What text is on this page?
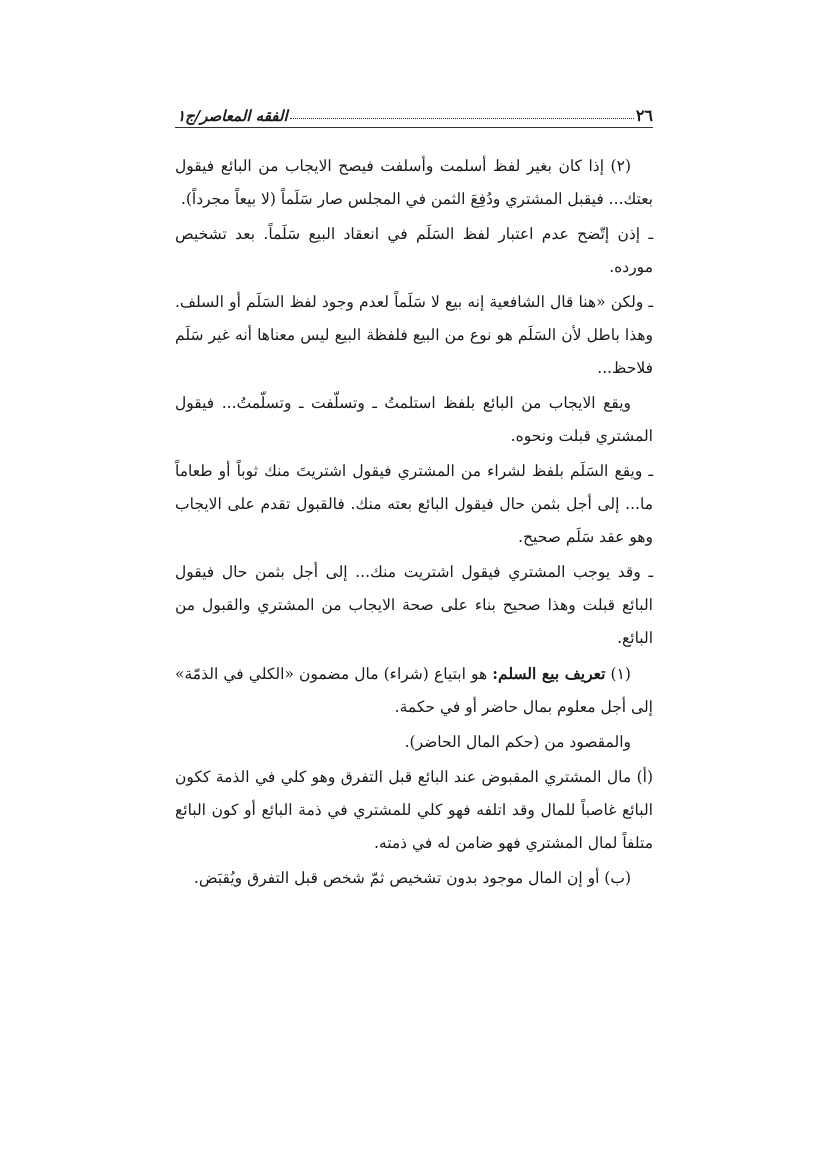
٢٦
الفقه المعاصر/ج١

(٢) إذا كان بغير لفظ أسلمت وأسلفت فيصح الايجاب من البائع فيقول بعتك... فيقبل المشتري ودُفِعَ الثمن في المجلس صار سَلَماً (لا بيعاً مجرداً).

ـ إذن إتّضح عدم اعتبار لفظ السَلَم في انعقاد البيع سَلَماً. بعد تشخيص مورده.

ـ ولكن «هنا قال الشافعية إنه بيع لا سَلَماً لعدم وجود لفظ السَلَم أو السلف. وهذا باطل لأن السَلَم هو نوع من البيع فلفظة البيع ليس معناها أنه غير سَلَم فلاحظ...

ويقع الايجاب من البائع بلفظ استلمتُ ـ وتسلّفت ـ وتسلّمتُ... فيقول المشتري قبلت ونحوه.

ـ ويقع السَلَم بلفظ لشراء من المشتري فيقول اشتريتَ منك ثوباً أو طعاماً ما... إلى أجل بثمن حال فيقول البائع بعته منك. فالقبول تقدم على الايجاب وهو عقد سَلَم صحيح.

ـ وقد يوجب المشتري فيقول اشتريت منك... إلى أجل بثمن حال فيقول البائع قبلت وهذا صحيح بناء على صحة الايجاب من المشتري والقبول من البائع.

(١) تعريف بيع السلم: هو ابتياع (شراء) مال مضمون «الكلي في الذمّة» إلى أجل معلوم بمال حاضر أو في حكمة.

والمقصود من (حكم المال الحاضر).

(أ) مال المشتري المقبوض عند البائع قبل التفرق وهو كلي في الذمة ككون البائع غاصباً للمال وقد اتلفه فهو كلي للمشتري في ذمة البائع أو كون البائع متلفاً لمال المشتري فهو ضامن له في ذمته.

(ب) أو إن المال موجود بدون تشخيص ثمّ شخص قبل التفرق ويُقبَض.
